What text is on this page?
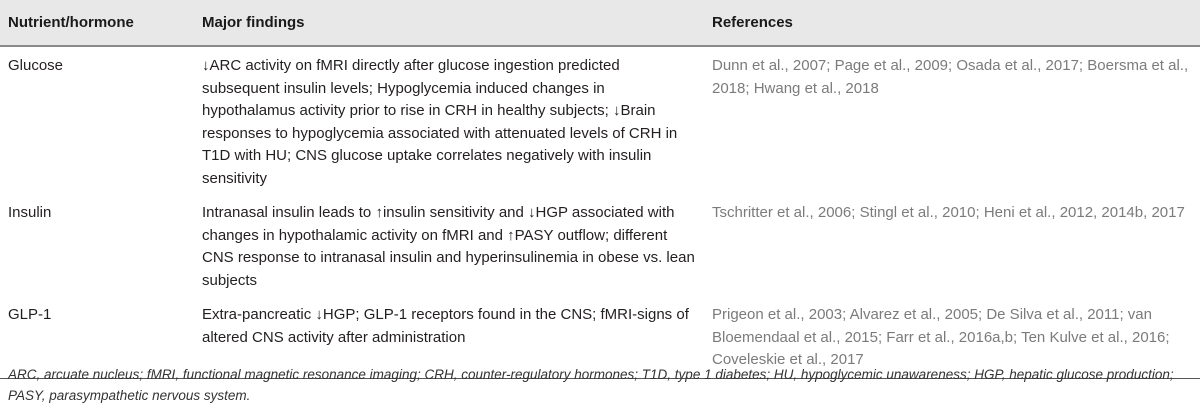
Nutrient/hormone	Major findings	References
Glucose	↓ARC activity on fMRI directly after glucose ingestion predicted subsequent insulin levels; Hypoglycemia induced changes in hypothalamus activity prior to rise in CRH in healthy subjects; ↓Brain responses to hypoglycemia associated with attenuated levels of CRH in T1D with HU; CNS glucose uptake correlates negatively with insulin sensitivity	Dunn et al., 2007; Page et al., 2009; Osada et al., 2017; Boersma et al., 2018; Hwang et al., 2018
Insulin	Intranasal insulin leads to ↑insulin sensitivity and ↓HGP associated with changes in hypothalamic activity on fMRI and ↑PASY outflow; different CNS response to intranasal insulin and hyperinsulinemia in obese vs. lean subjects	Tschritter et al., 2006; Stingl et al., 2010; Heni et al., 2012, 2014b, 2017
GLP-1	Extra-pancreatic ↓HGP; GLP-1 receptors found in the CNS; fMRI-signs of altered CNS activity after administration	Prigeon et al., 2003; Alvarez et al., 2005; De Silva et al., 2011; van Bloemendaal et al., 2015; Farr et al., 2016a,b; Ten Kulve et al., 2016; Coveleskie et al., 2017
ARC, arcuate nucleus; fMRI, functional magnetic resonance imaging; CRH, counter-regulatory hormones; T1D, type 1 diabetes; HU, hypoglycemic unawareness; HGP, hepatic glucose production; PASY, parasympathetic nervous system.
